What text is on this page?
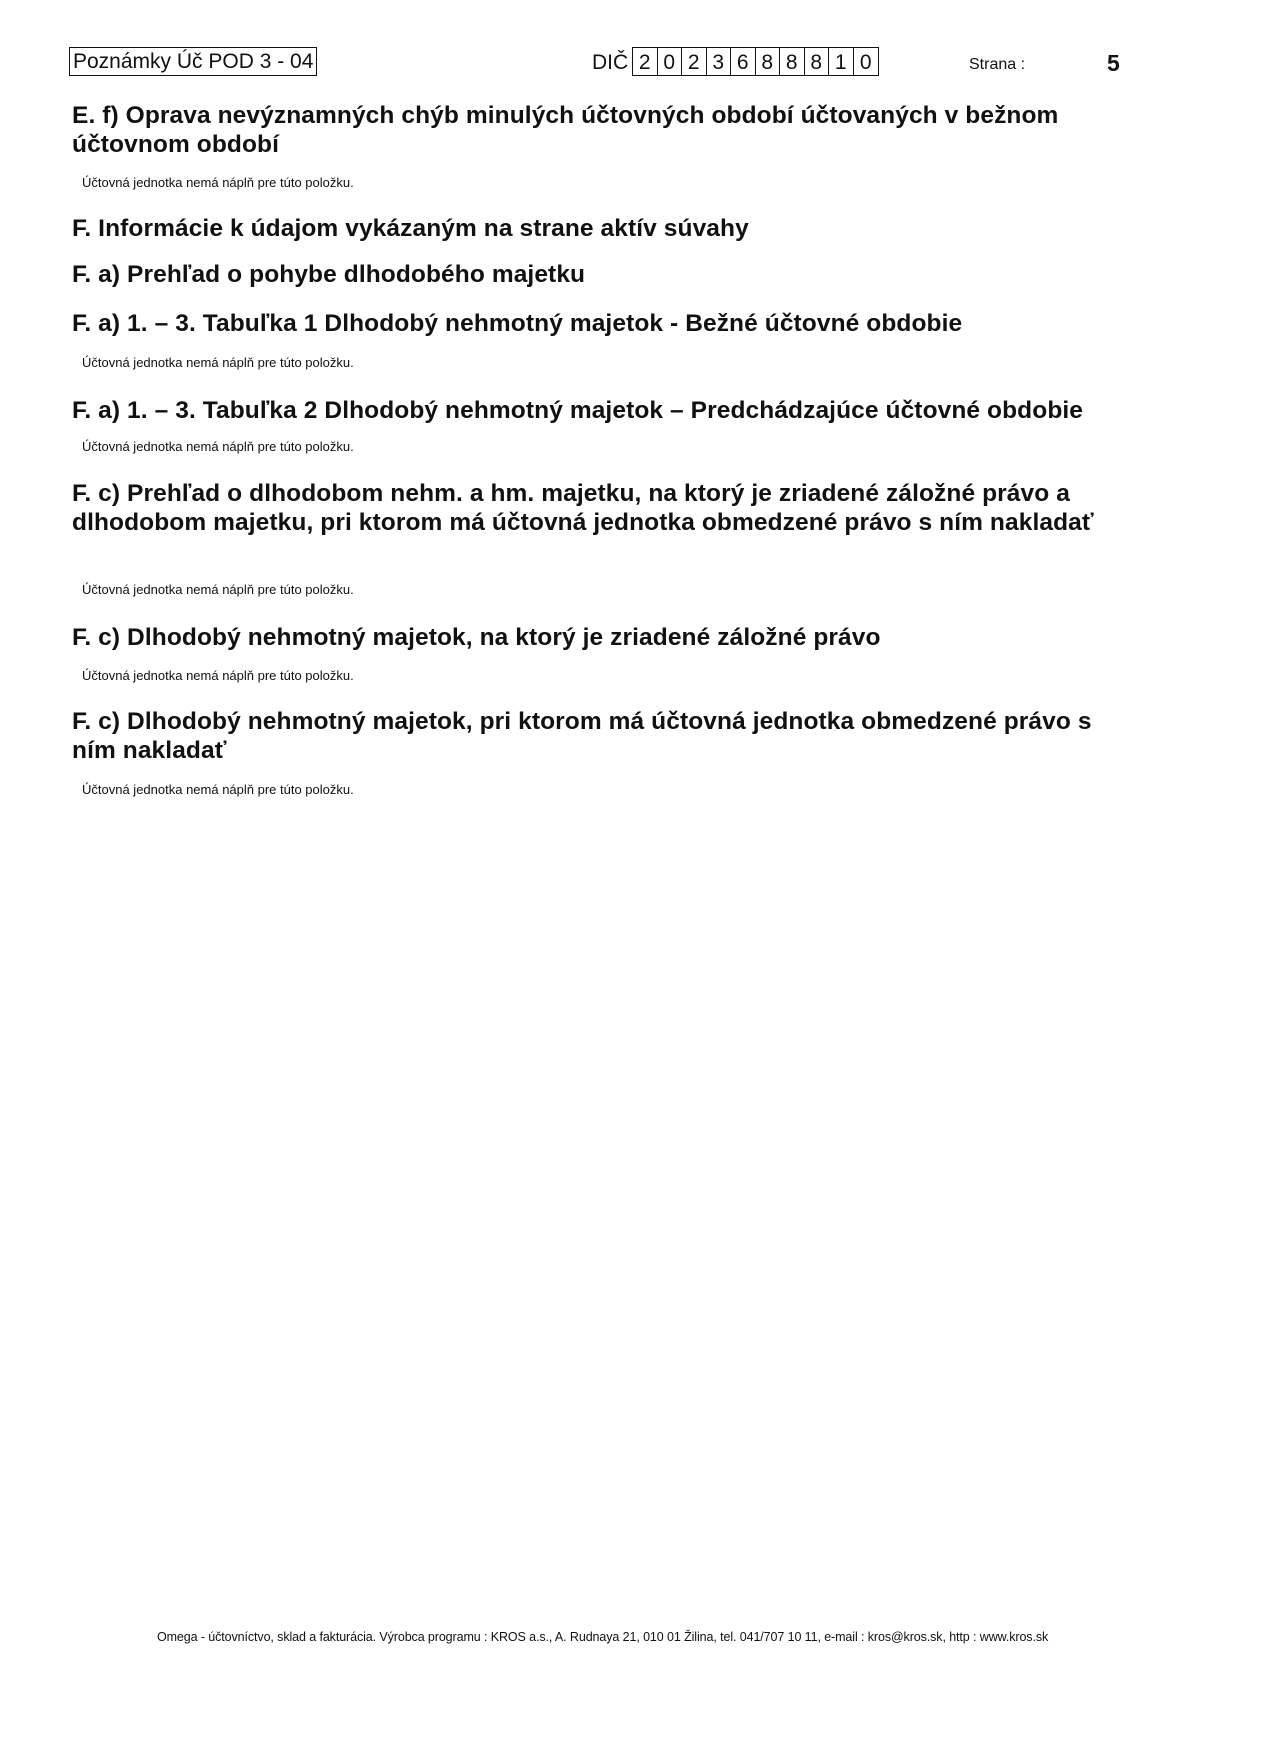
Poznámky Úč POD 3 - 04	DIČ 2 0 2 3 6 8 8 8 1 0	Strana :	5
E. f) Oprava nevýznamných chýb minulých účtovných období účtovaných v bežnom účtovnom období
Účtovná jednotka nemá náplň pre túto položku.
F. Informácie k údajom vykázaným na strane aktív súvahy
F. a) Prehľad o pohybe dlhodobého majetku
F. a) 1. – 3. Tabuľka 1 Dlhodobý nehmotný majetok - Bežné účtovné obdobie
Účtovná jednotka nemá náplň pre túto položku.
F. a) 1. – 3. Tabuľka 2 Dlhodobý nehmotný majetok – Predchádzajúce účtovné obdobie
Účtovná jednotka nemá náplň pre túto položku.
F. c) Prehľad o dlhodobom nehm. a hm. majetku, na ktorý je zriadené záložné právo a dlhodobom majetku, pri ktorom má účtovná jednotka obmedzené právo s ním nakladať
Účtovná jednotka nemá náplň pre túto položku.
F. c) Dlhodobý nehmotný majetok, na ktorý je zriadené záložné právo
Účtovná jednotka nemá náplň pre túto položku.
F. c) Dlhodobý nehmotný majetok, pri ktorom má účtovná jednotka obmedzené právo s ním nakladať
Účtovná jednotka nemá náplň pre túto položku.
Omega - účtovníctvo, sklad a fakturácia. Výrobca programu : KROS a.s., A. Rudnaya 21, 010 01 Žilina, tel. 041/707 10 11, e-mail : kros@kros.sk, http : www.kros.sk
